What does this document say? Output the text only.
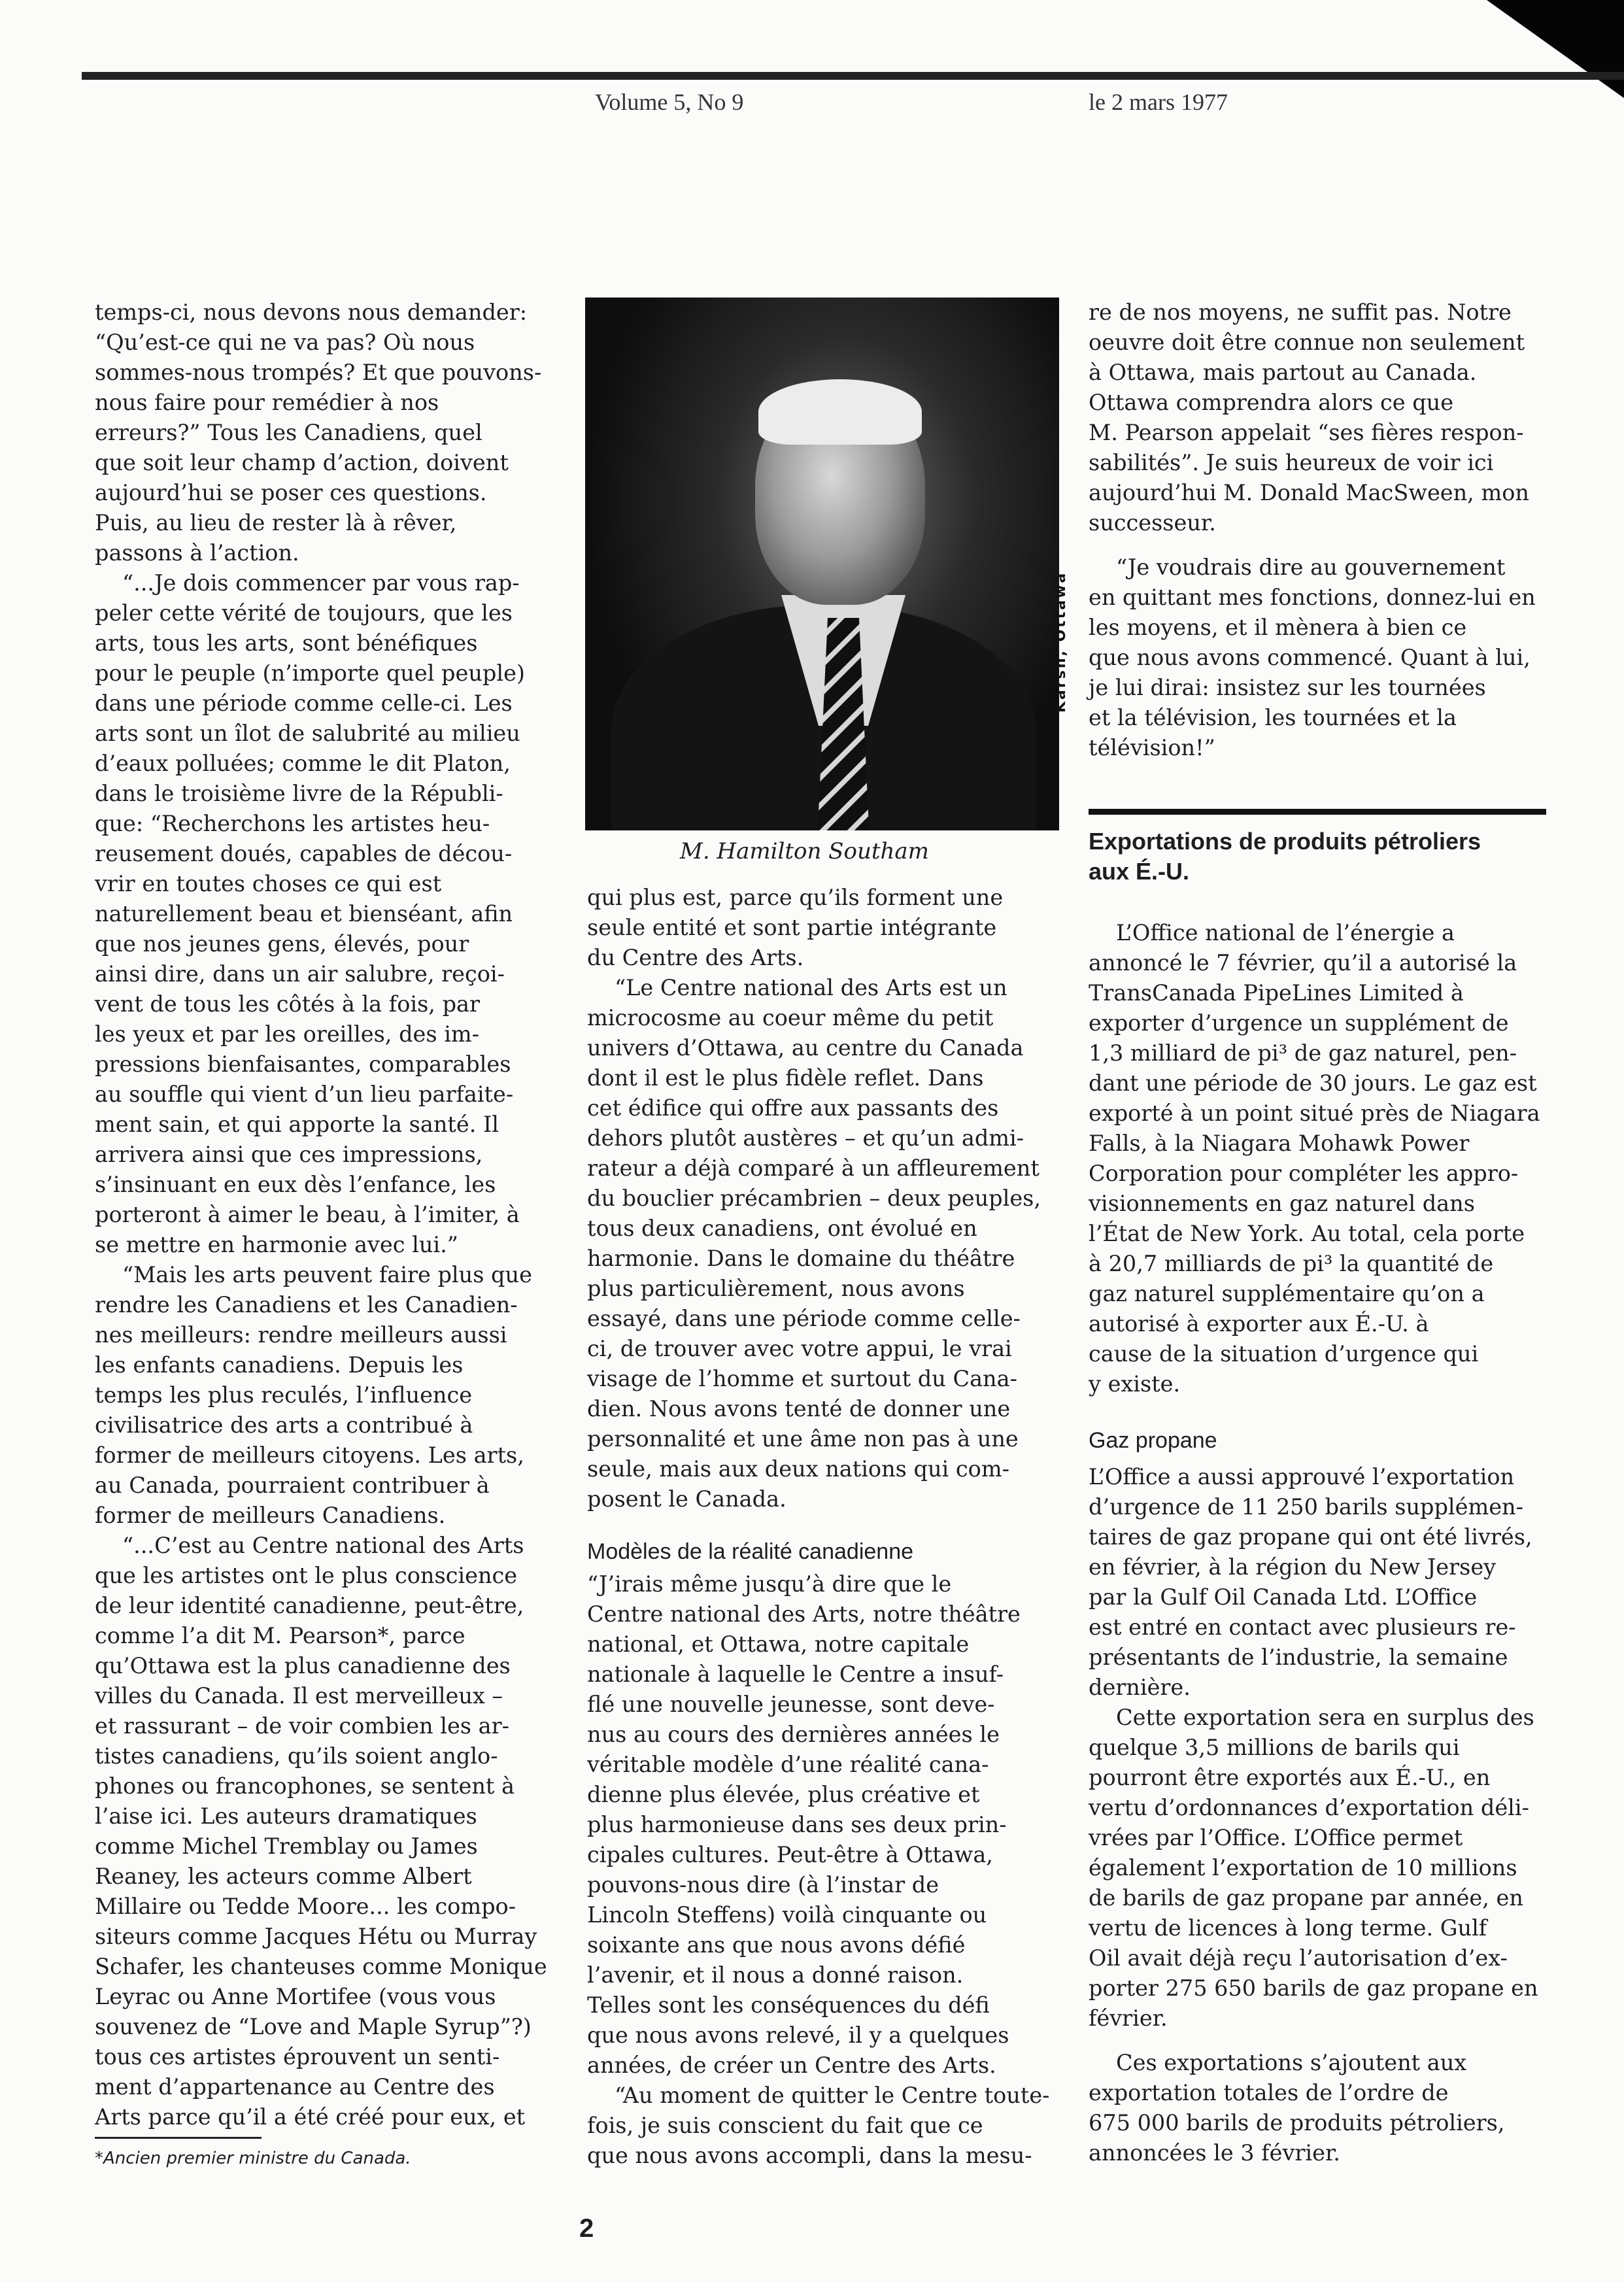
Volume 5, No 9	le 2 mars 1977

temps-ci, nous devons nous demander:

“Qu’est-ce qui ne va pas? Où nous

sommes-nous trompés? Et que pouvons-

nous faire pour remédier à nos

erreurs?” Tous les Canadiens, quel

que soit leur champ d’action, doivent

aujourd’hui se poser ces questions.

Puis, au lieu de rester là à rêver,

passons à l’action.

“...Je dois commencer par vous rap-

peler cette vérité de toujours, que les

arts, tous les arts, sont bénéfiques

pour le peuple (n’importe quel peuple)

dans une période comme celle-ci. Les

arts sont un îlot de salubrité au milieu

d’eaux polluées; comme le dit Platon,

dans le troisième livre de la Républi-

que: “Recherchons les artistes heu-

reusement doués, capables de décou-

vrir en toutes choses ce qui est

naturellement beau et bienséant, afin

que nos jeunes gens, élevés, pour

ainsi dire, dans un air salubre, reçoi-

vent de tous les côtés à la fois, par

les yeux et par les oreilles, des im-

pressions bienfaisantes, comparables

au souffle qui vient d’un lieu parfaite-

ment sain, et qui apporte la santé. Il

arrivera ainsi que ces impressions,

s’insinuant en eux dès l’enfance, les

porteront à aimer le beau, à l’imiter, à

se mettre en harmonie avec lui.”

“Mais les arts peuvent faire plus que

rendre les Canadiens et les Canadien-

nes meilleurs: rendre meilleurs aussi

les enfants canadiens. Depuis les

temps les plus reculés, l’influence

civilisatrice des arts a contribué à

former de meilleurs citoyens. Les arts,

au Canada, pourraient contribuer à

former de meilleurs Canadiens.

“...C’est au Centre national des Arts

que les artistes ont le plus conscience

de leur identité canadienne, peut-être,

comme l’a dit M. Pearson*, parce

qu’Ottawa est la plus canadienne des

villes du Canada. Il est merveilleux –

et rassurant – de voir combien les ar-

tistes canadiens, qu’ils soient anglo-

phones ou francophones, se sentent à

l’aise ici. Les auteurs dramatiques

comme Michel Tremblay ou James

Reaney, les acteurs comme Albert

Millaire ou Tedde Moore... les compo-

siteurs comme Jacques Hétu ou Murray

Schafer, les chanteuses comme Monique

Leyrac ou Anne Mortifee (vous vous

souvenez de “Love and Maple Syrup”?)

tous ces artistes éprouvent un senti-

ment d’appartenance au Centre des

Arts parce qu’il a été créé pour eux, et

Karsh, Ottawa
M. Hamilton Southam

qui plus est, parce qu’ils forment une

seule entité et sont partie intégrante

du Centre des Arts.

“Le Centre national des Arts est un

microcosme au coeur même du petit

univers d’Ottawa, au centre du Canada

dont il est le plus fidèle reflet. Dans

cet édifice qui offre aux passants des

dehors plutôt austères – et qu’un admi-

rateur a déjà comparé à un affleurement

du bouclier précambrien – deux peuples,

tous deux canadiens, ont évolué en

harmonie. Dans le domaine du théâtre

plus particulièrement, nous avons

essayé, dans une période comme celle-

ci, de trouver avec votre appui, le vrai

visage de l’homme et surtout du Cana-

dien. Nous avons tenté de donner une

personnalité et une âme non pas à une

seule, mais aux deux nations qui com-

posent le Canada.

Modèles de la réalité canadienne

“J’irais même jusqu’à dire que le

Centre national des Arts, notre théâtre

national, et Ottawa, notre capitale

nationale à laquelle le Centre a insuf-

flé une nouvelle jeunesse, sont deve-

nus au cours des dernières années le

véritable modèle d’une réalité cana-

dienne plus élevée, plus créative et

plus harmonieuse dans ses deux prin-

cipales cultures. Peut-être à Ottawa,

pouvons-nous dire (à l’instar de

Lincoln Steffens) voilà cinquante ou

soixante ans que nous avons défié

l’avenir, et il nous a donné raison.

Telles sont les conséquences du défi

que nous avons relevé, il y a quelques

années, de créer un Centre des Arts.

“Au moment de quitter le Centre toute-

fois, je suis conscient du fait que ce

que nous avons accompli, dans la mesu-

re de nos moyens, ne suffit pas. Notre

oeuvre doit être connue non seulement

à Ottawa, mais partout au Canada.

Ottawa comprendra alors ce que

M. Pearson appelait “ses fières respon-

sabilités”. Je suis heureux de voir ici

aujourd’hui M. Donald MacSween, mon

successeur.

“Je voudrais dire au gouvernement

en quittant mes fonctions, donnez-lui en

les moyens, et il mènera à bien ce

que nous avons commencé. Quant à lui,

je lui dirai: insistez sur les tournées

et la télévision, les tournées et la

télévision!”

Exportations de produits pétroliers
aux É.-U.

L’Office national de l’énergie a

annoncé le 7 février, qu’il a autorisé la

TransCanada PipeLines Limited à

exporter d’urgence un supplément de

1,3 milliard de pi³ de gaz naturel, pen-

dant une période de 30 jours. Le gaz est

exporté à un point situé près de Niagara

Falls, à la Niagara Mohawk Power

Corporation pour compléter les appro-

visionnements en gaz naturel dans

l’État de New York. Au total, cela porte

à 20,7 milliards de pi³ la quantité de

gaz naturel supplémentaire qu’on a

autorisé à exporter aux É.-U. à

cause de la situation d’urgence qui

y existe.

Gaz propane

L’Office a aussi approuvé l’exportation

d’urgence de 11 250 barils supplémen-

taires de gaz propane qui ont été livrés,

en février, à la région du New Jersey

par la Gulf Oil Canada Ltd. L’Office

est entré en contact avec plusieurs re-

présentants de l’industrie, la semaine

dernière.

Cette exportation sera en surplus des

quelque 3,5 millions de barils qui

pourront être exportés aux É.-U., en

vertu d’ordonnances d’exportation déli-

vrées par l’Office. L’Office permet

également l’exportation de 10 millions

de barils de gaz propane par année, en

vertu de licences à long terme. Gulf

Oil avait déjà reçu l’autorisation d’ex-

porter 275 650 barils de gaz propane en

février.

Ces exportations s’ajoutent aux

exportation totales de l’ordre de

675 000 barils de produits pétroliers,

annoncées le 3 février.

*Ancien premier ministre du Canada.
2
